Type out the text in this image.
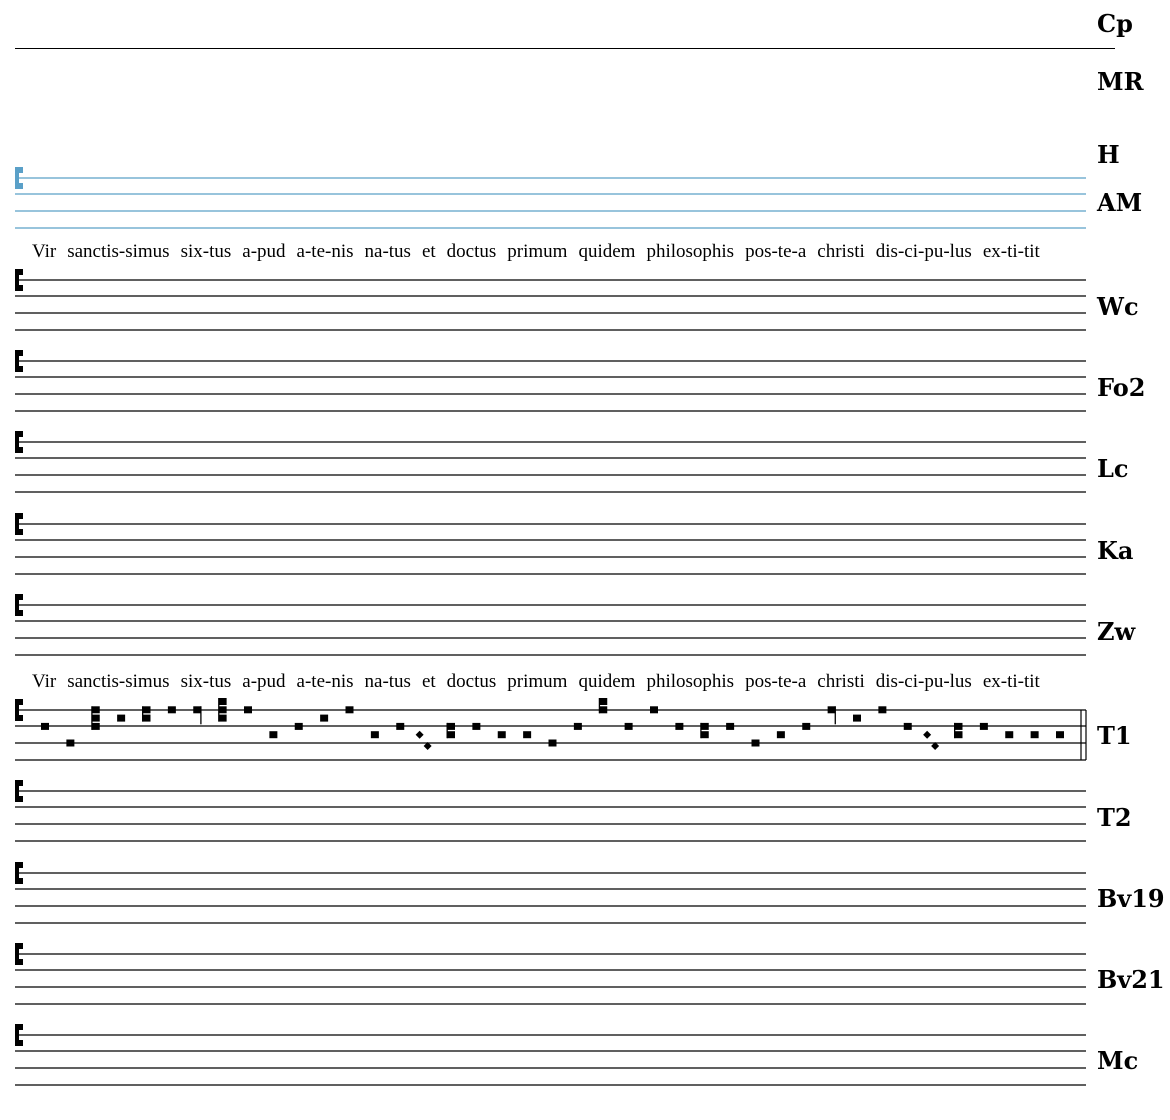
Cp
MR
H
AM
Vir sanctis-simus six-tus a-pud a-te-nis na-tus et doctus primum quidem philosophis pos-te-a christi dis-ci-pu-lus ex-ti-tit
Wc
Fo2
Lc
Ka
Zw
Vir sanctis-simus six-tus a-pud a-te-nis na-tus et doctus primum quidem philosophis pos-te-a christi dis-ci-pu-lus ex-ti-tit
T1
T2
Bv19
Bv21
Mc
